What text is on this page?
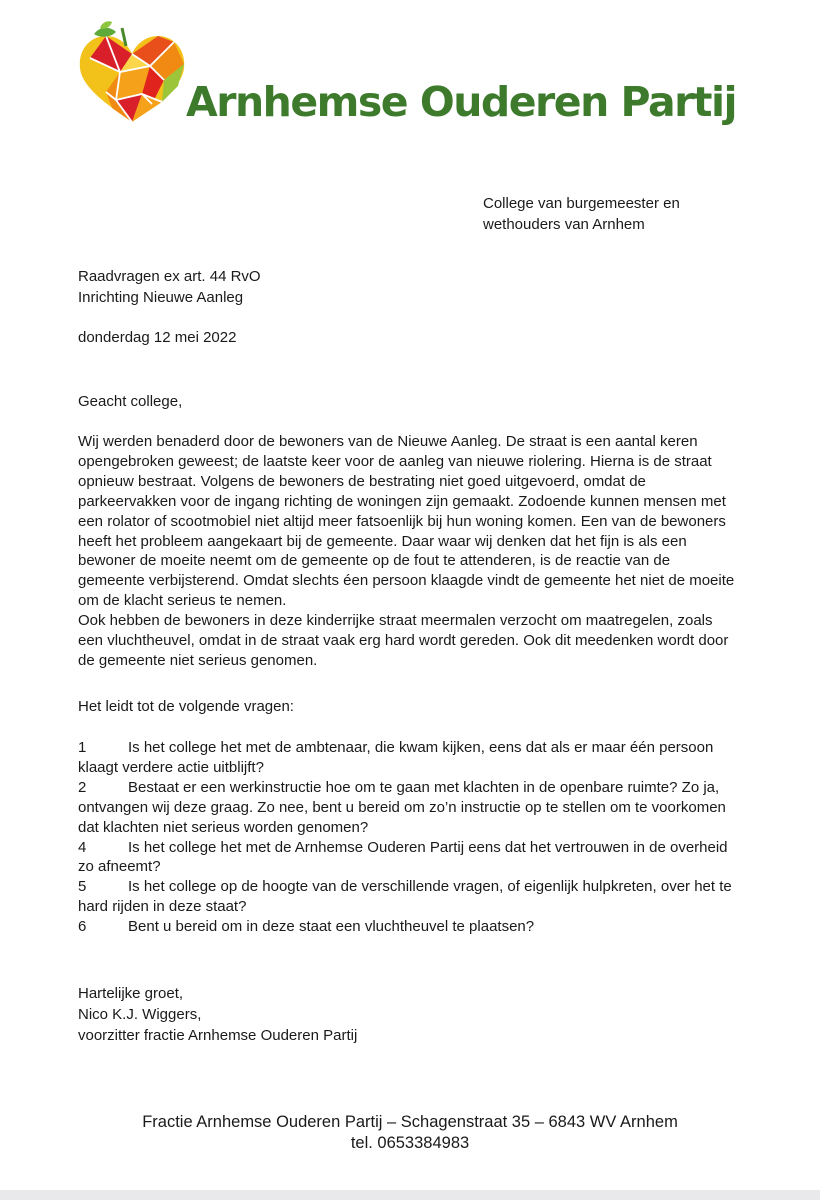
Arnhemse Ouderen Partij
College van burgemeester en
wethouders van Arnhem
Raadvragen ex art. 44 RvO
Inrichting Nieuwe Aanleg
donderdag 12 mei 2022
Geacht college,

Wij werden benaderd door de bewoners van de Nieuwe Aanleg. De straat is een aantal keren opengebroken geweest; de laatste keer voor de aanleg van nieuwe riolering. Hierna is de straat opnieuw bestraat. Volgens de bewoners de bestrating niet goed uitgevoerd, omdat de parkeervakken voor de ingang richting de woningen zijn gemaakt. Zodoende kunnen mensen met een rolator of scootmobiel niet altijd meer fatsoenlijk bij hun woning komen. Een van de bewoners heeft het probleem aangekaart bij de gemeente. Daar waar wij denken dat het fijn is als een bewoner de moeite neemt om de gemeente op de fout te attenderen, is de reactie van de gemeente verbijsterend. Omdat slechts éen persoon klaagde vindt de gemeente het niet de moeite om de klacht serieus te nemen.

Ook hebben de bewoners in deze kinderrijke straat meermalen verzocht om maatregelen, zoals een vluchtheuvel, omdat in de straat vaak erg hard wordt gereden. Ook dit meedenken wordt door de gemeente niet serieus genomen.

Het leidt tot de volgende vragen:

1	Is het college het met de ambtenaar, die kwam kijken, eens dat als er maar één persoon klaagt verdere actie uitblijft?

2	Bestaat er een werkinstructie hoe om te gaan met klachten in de openbare ruimte? Zo ja, ontvangen wij deze graag. Zo nee, bent u bereid om zo’n instructie op te stellen om te voorkomen dat klachten niet serieus worden genomen?

4	Is het college het met de Arnhemse Ouderen Partij eens dat het vertrouwen in de overheid zo afneemt?

5	Is het college op de hoogte van de verschillende vragen, of eigenlijk hulpkreten, over het te hard rijden in deze staat?

6	Bent u bereid om in deze staat een vluchtheuvel te plaatsen?

Hartelijke groet,
Nico K.J. Wiggers,
voorzitter fractie Arnhemse Ouderen Partij
Fractie Arnhemse Ouderen Partij – Schagenstraat 35 – 6843 WV Arnhem
tel. 0653384983
